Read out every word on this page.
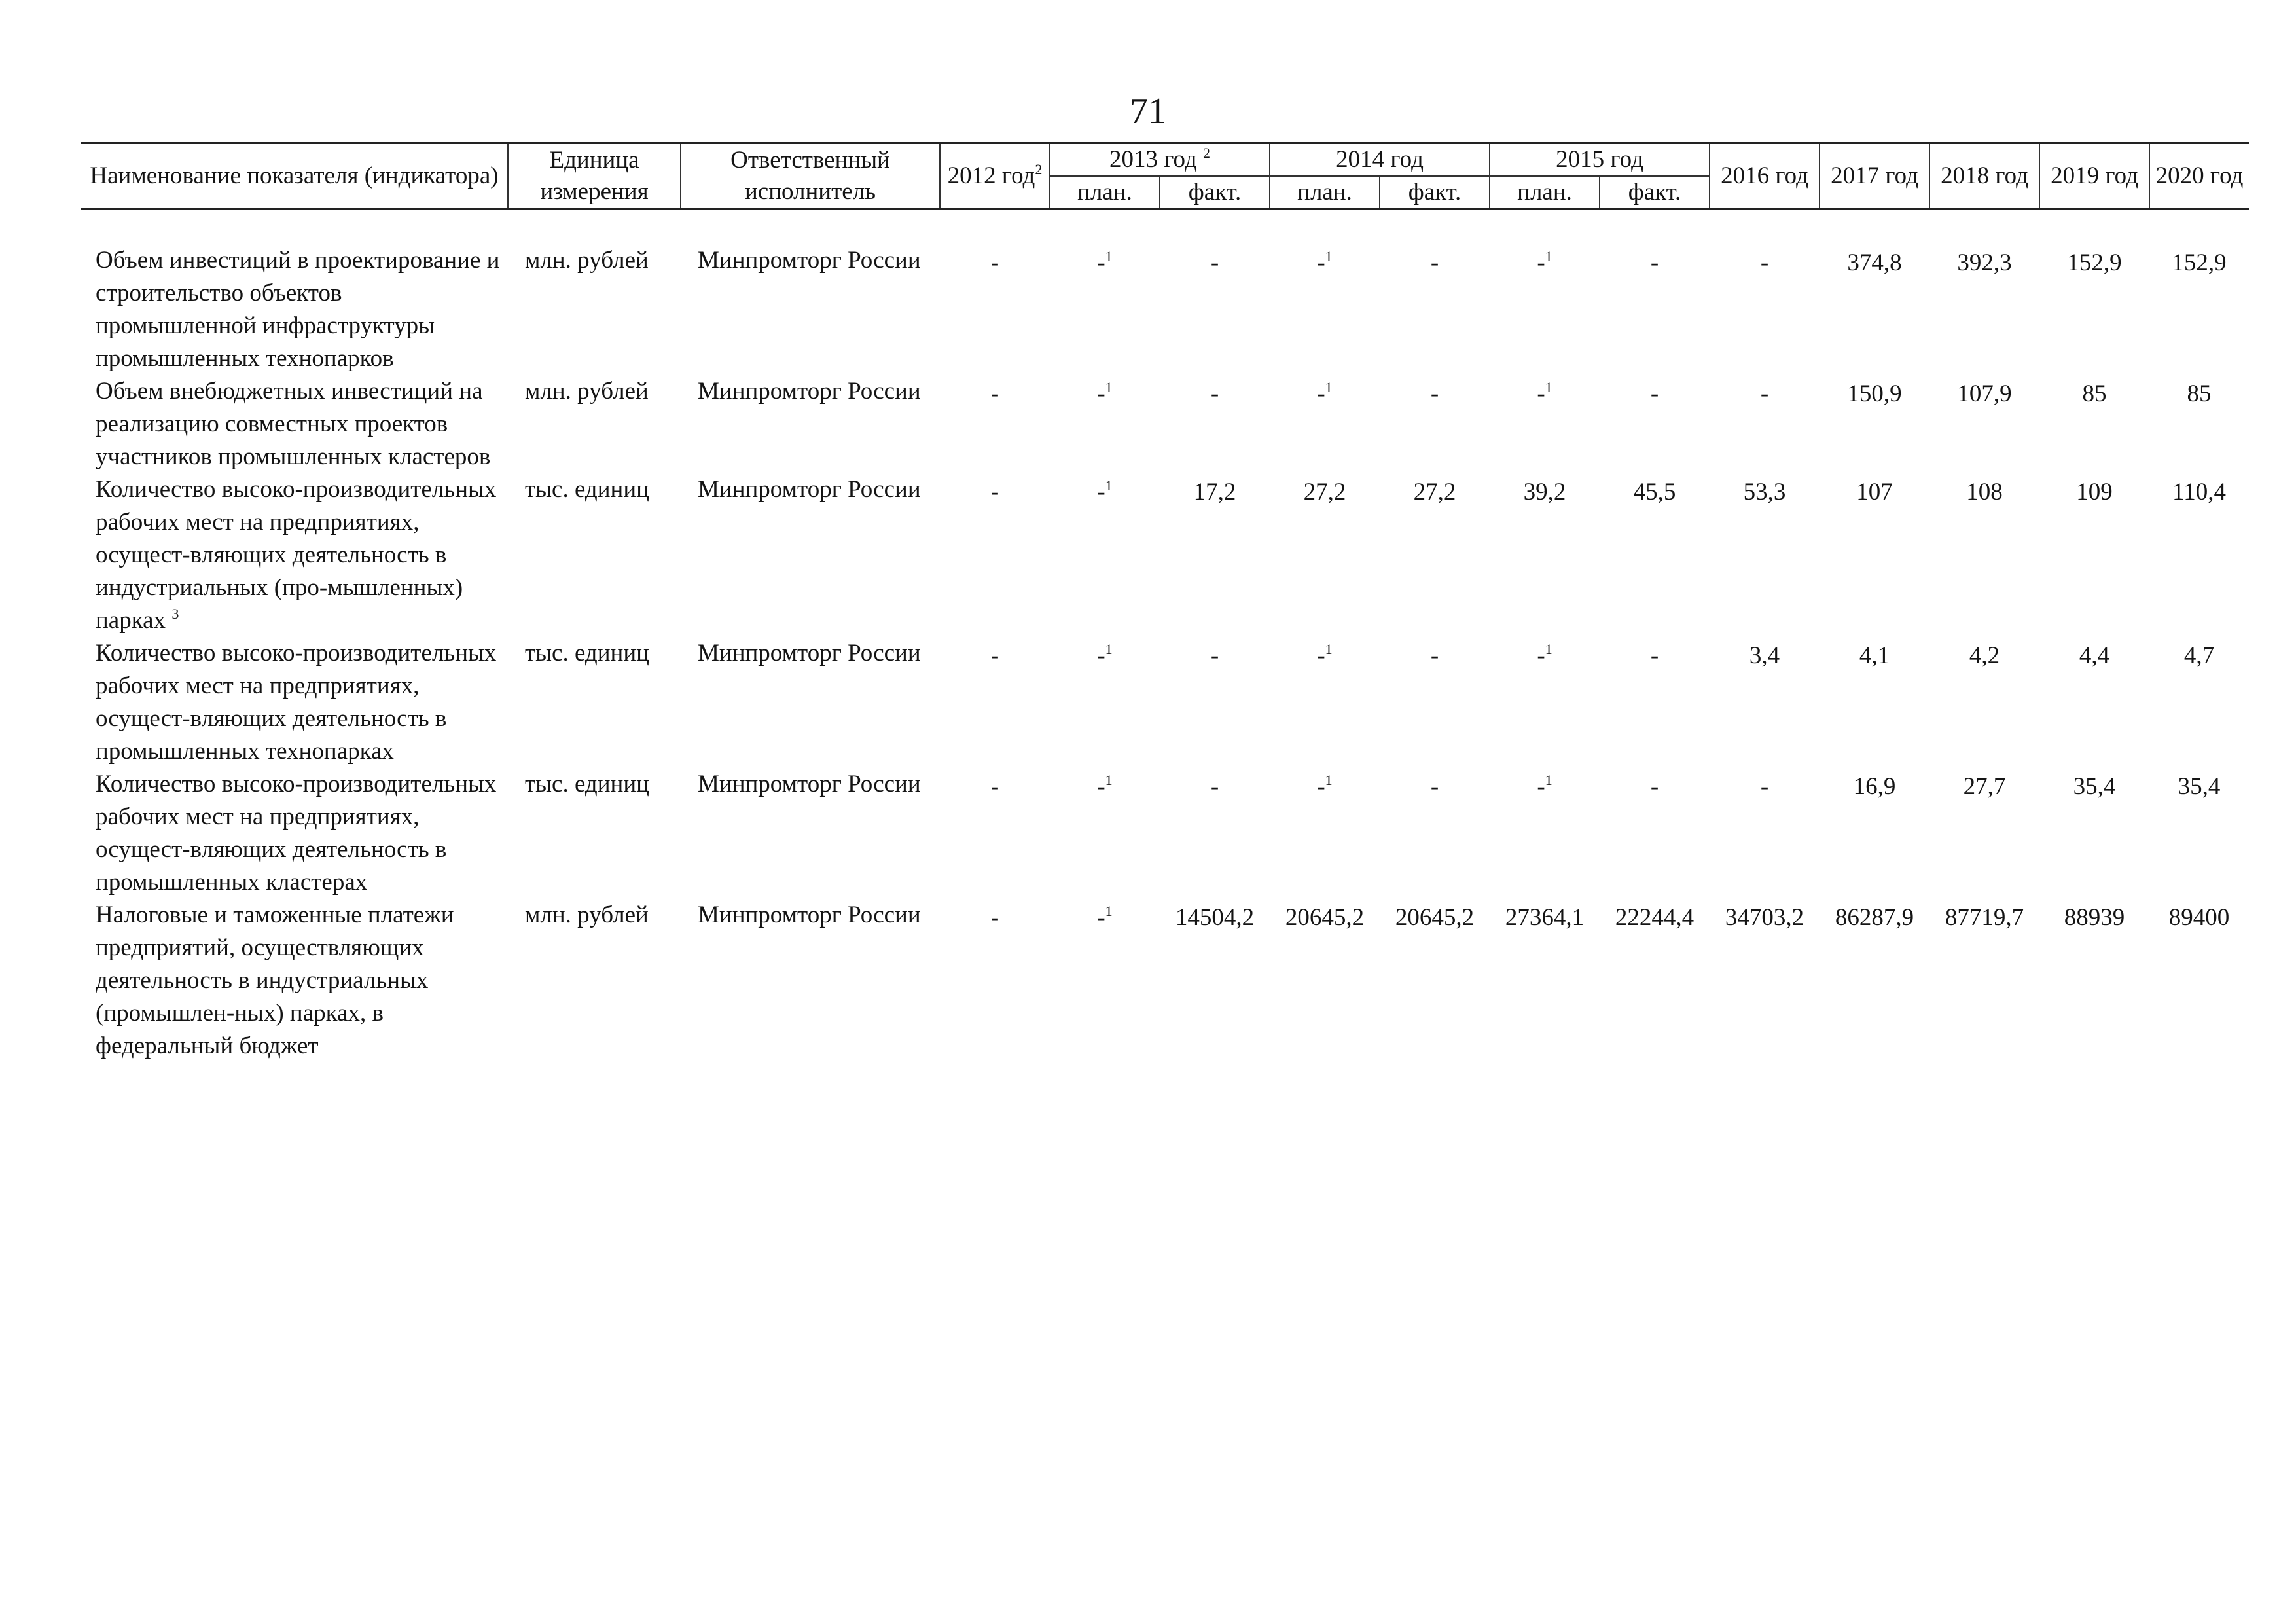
71
Наименование показателя (индикатора)	Единица измерения	Ответственный исполнитель	2012 год$^2$	2013 год $^2$		2014 год		2015 год		2016 год	2017 год	2018 год	2019 год	2020 год
				план.	факт.	план.	факт.	план.	факт.					

Объем инвестиций в проектирование и строительство объектов промышленной инфраструктуры промышленных технопарков	млн. рублей	Минпромторг России	-	-$^1$	-	-$^1$	-	-$^1$	-	-	374,8	392,3	152,9	152,9
Объем внебюджетных инвестиций на реализацию совместных проектов участников промышленных кластеров	млн. рублей	Минпромторг России	-	-$^1$	-	-$^1$	-	-$^1$	-	-	150,9	107,9	85	85
Количество высоко-производительных рабочих мест на предприятиях, осущест-вляющих деятельность в индустриальных (про-мышленных) парках $^3$	тыс. единиц	Минпромторг России	-	-$^1$	17,2	27,2	27,2	39,2	45,5	53,3	107	108	109	110,4
Количество высоко-производительных рабочих мест на предприятиях, осущест-вляющих деятельность в промышленных технопарках	тыс. единиц	Минпромторг России	-	-$^1$	-	-$^1$	-	-$^1$	-	3,4	4,1	4,2	4,4	4,7
Количество высоко-производительных рабочих мест на предприятиях, осущест-вляющих деятельность в промышленных кластерах	тыс. единиц	Минпромторг России	-	-$^1$	-	-$^1$	-	-$^1$	-	-	16,9	27,7	35,4	35,4
Налоговые и таможенные платежи предприятий, осуществляющих деятельность в индустриальных (промышлен-ных) парках, в федеральный бюджет	млн. рублей	Минпромторг России	-	-$^1$	14504,2	20645,2	20645,2	27364,1	22244,4	34703,2	86287,9	87719,7	88939	89400
